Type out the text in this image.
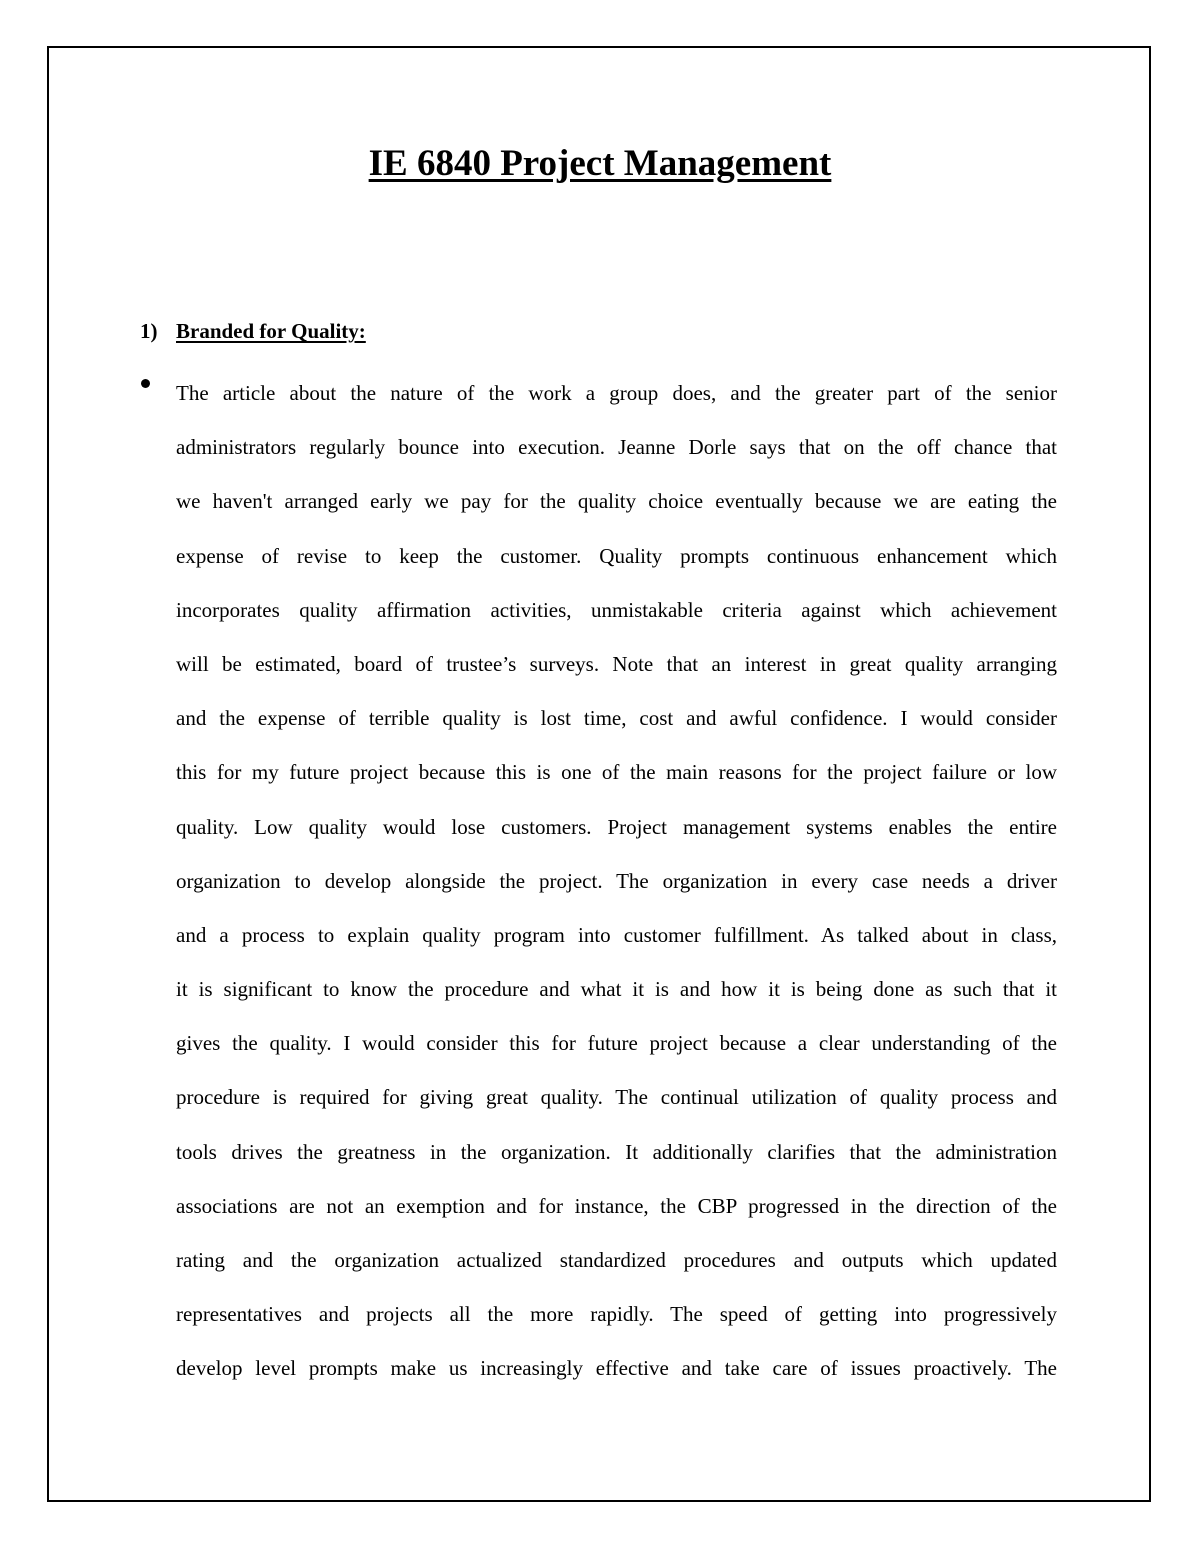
IE 6840 Project Management
1) Branded for Quality:

The article about the nature of the work a group does, and the greater part of the senior
administrators regularly bounce into execution. Jeanne Dorle says that on the off chance that
we haven't arranged early we pay for the quality choice eventually because we are eating the
expense of revise to keep the customer. Quality prompts continuous enhancement which
incorporates quality affirmation activities, unmistakable criteria against which achievement
will be estimated, board of trustee’s surveys. Note that an interest in great quality arranging
and the expense of terrible quality is lost time, cost and awful confidence. I would consider
this for my future project because this is one of the main reasons for the project failure or low
quality. Low quality would lose customers. Project management systems enables the entire
organization to develop alongside the project. The organization in every case needs a driver
and a process to explain quality program into customer fulfillment. As talked about in class,
it is significant to know the procedure and what it is and how it is being done as such that it
gives the quality. I would consider this for future project because a clear understanding of the
procedure is required for giving great quality. The continual utilization of quality process and
tools drives the greatness in the organization. It additionally clarifies that the administration
associations are not an exemption and for instance, the CBP progressed in the direction of the
rating and the organization actualized standardized procedures and outputs which updated
representatives and projects all the more rapidly. The speed of getting into progressively
develop level prompts make us increasingly effective and take care of issues proactively. The
